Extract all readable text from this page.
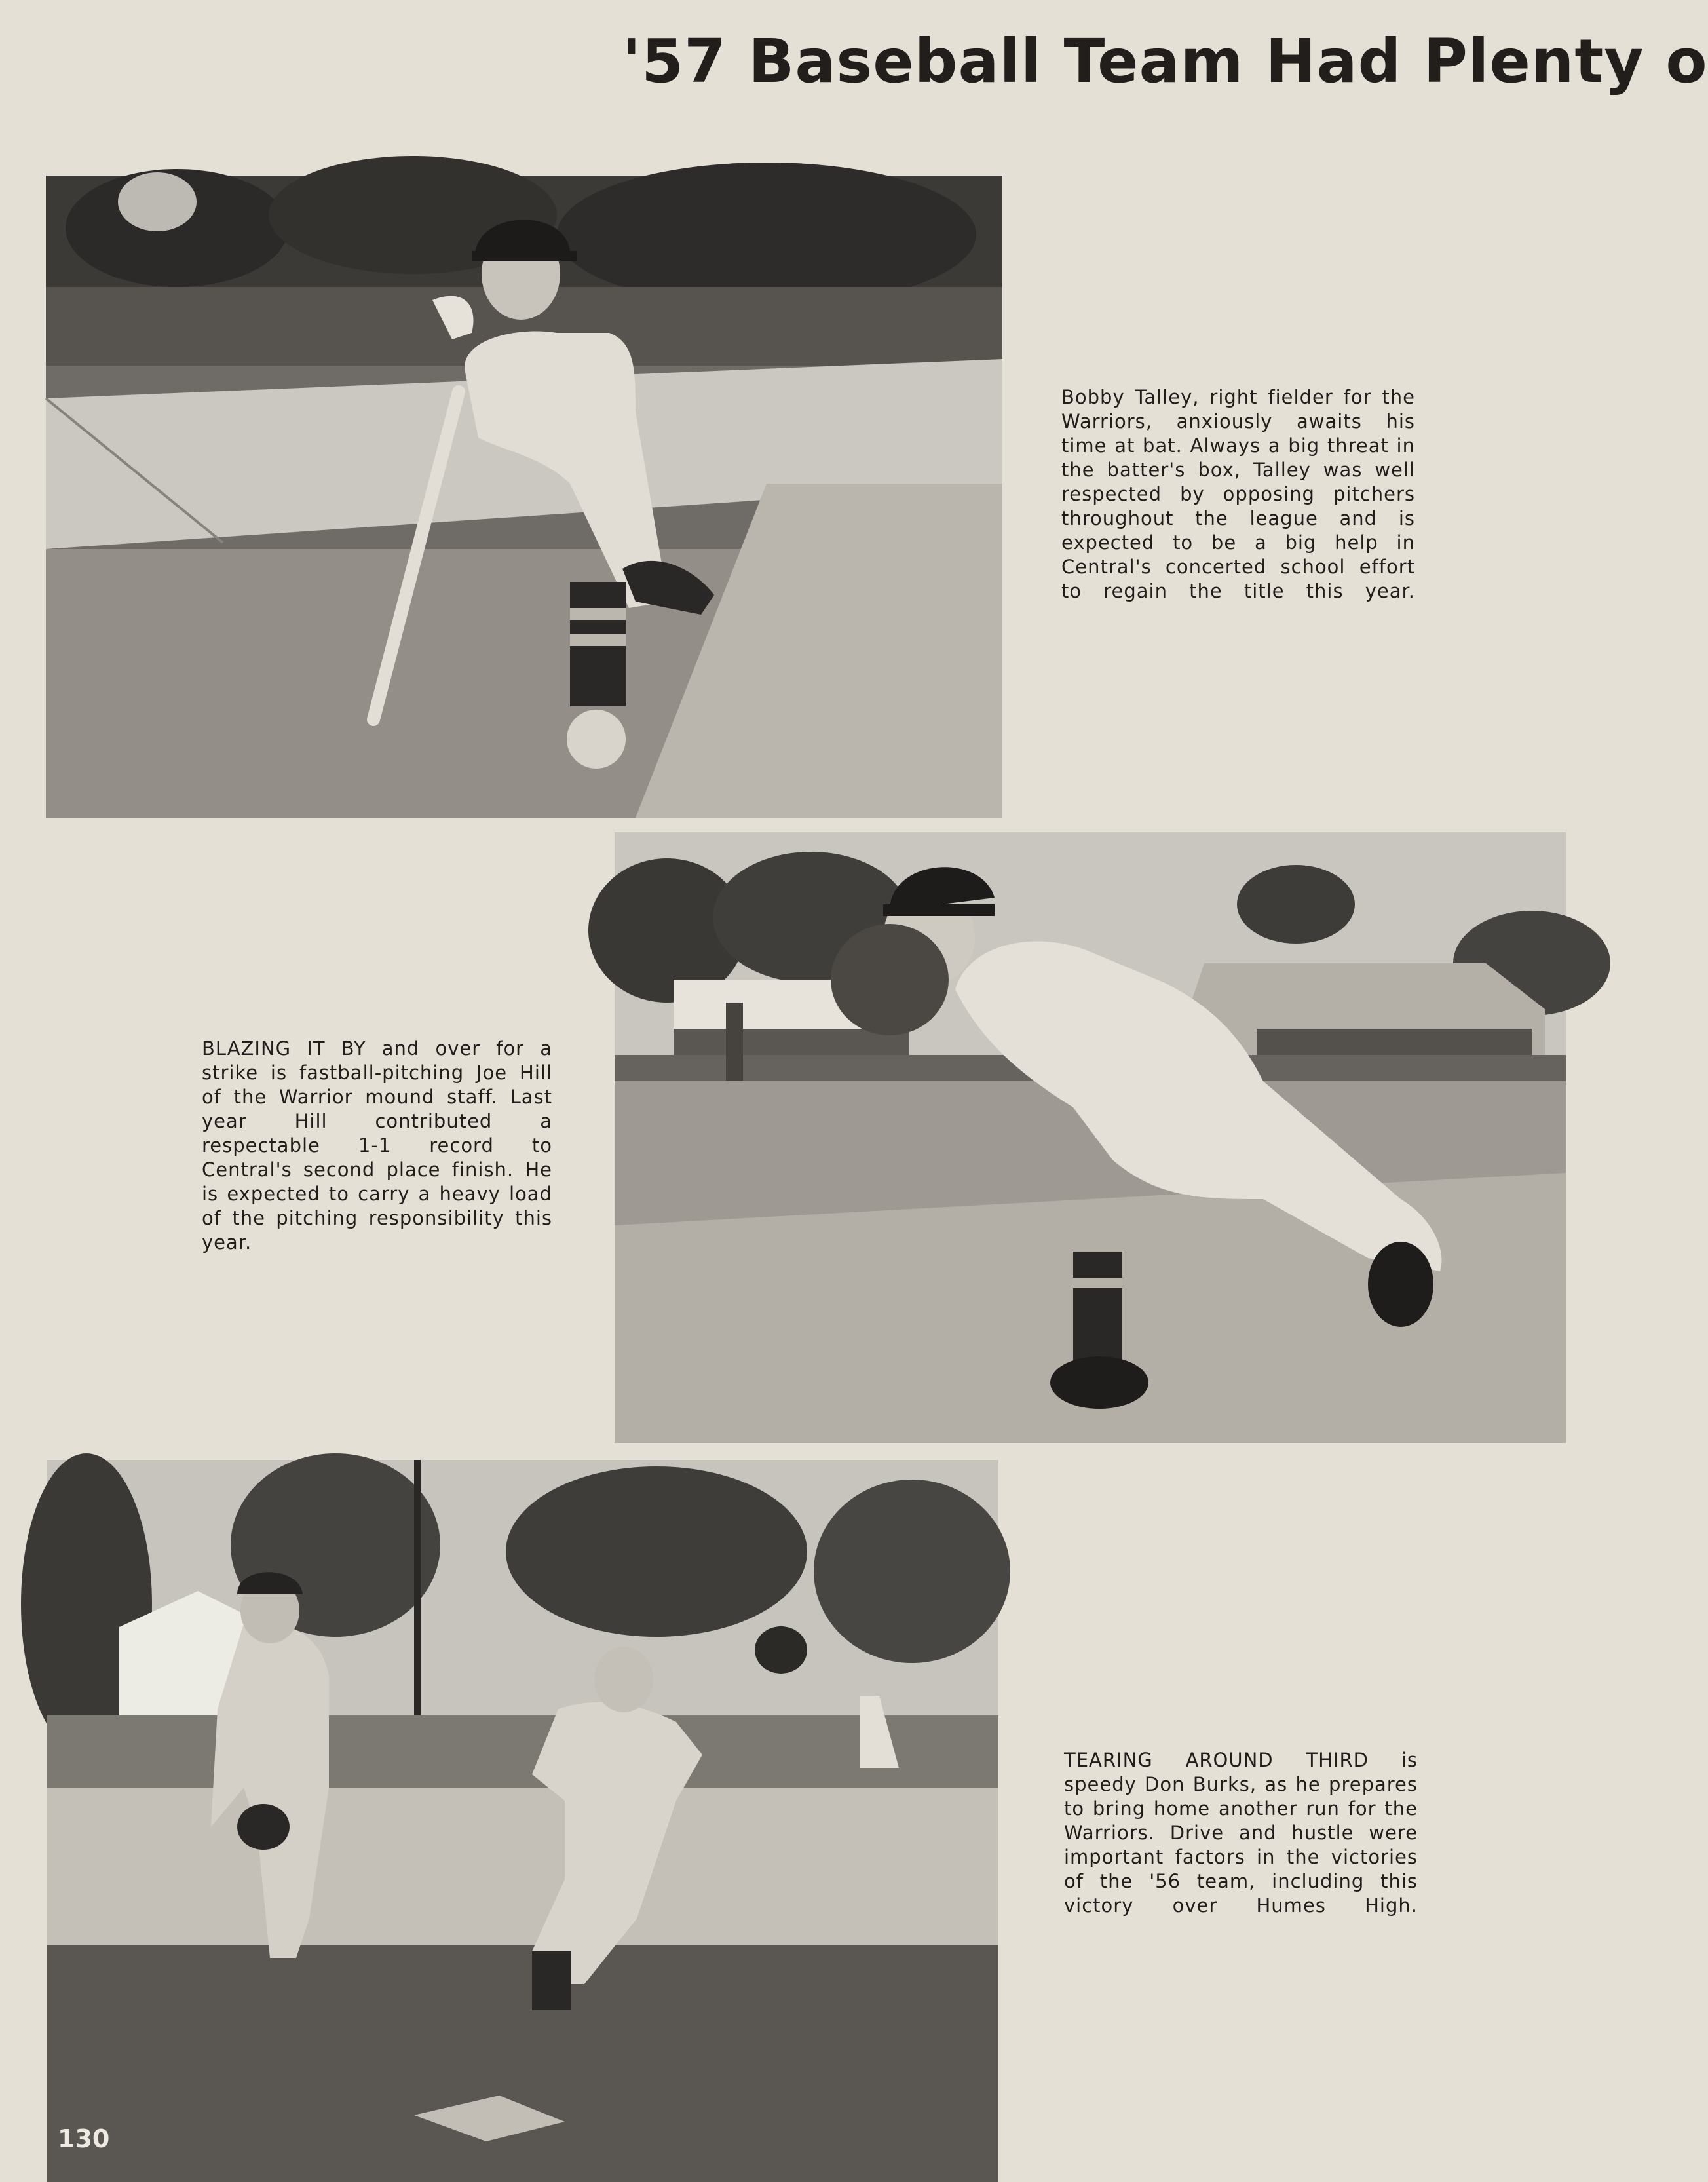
'57 Baseball Team Had Plenty o

Bobby Talley, right fielder for the Warriors, anxiously awaits his time at bat. Always a big threat in the batter's box, Talley was well respected by opposing pitchers throughout the league and is expected to be a big help in Central's concerted school effort to regain the title this year.

BLAZING IT BY and over for a strike is fastball-pitching Joe Hill of the Warrior mound staff. Last year Hill contributed a respectable 1-1 record to Central's second place finish. He is expected to carry a heavy load of the pitching responsibility this year.

TEARING AROUND THIRD is speedy Don Burks, as he prepares to bring home another run for the Warriors. Drive and hustle were important factors in the victories of the '56 team, including this victory over Humes High.

130
